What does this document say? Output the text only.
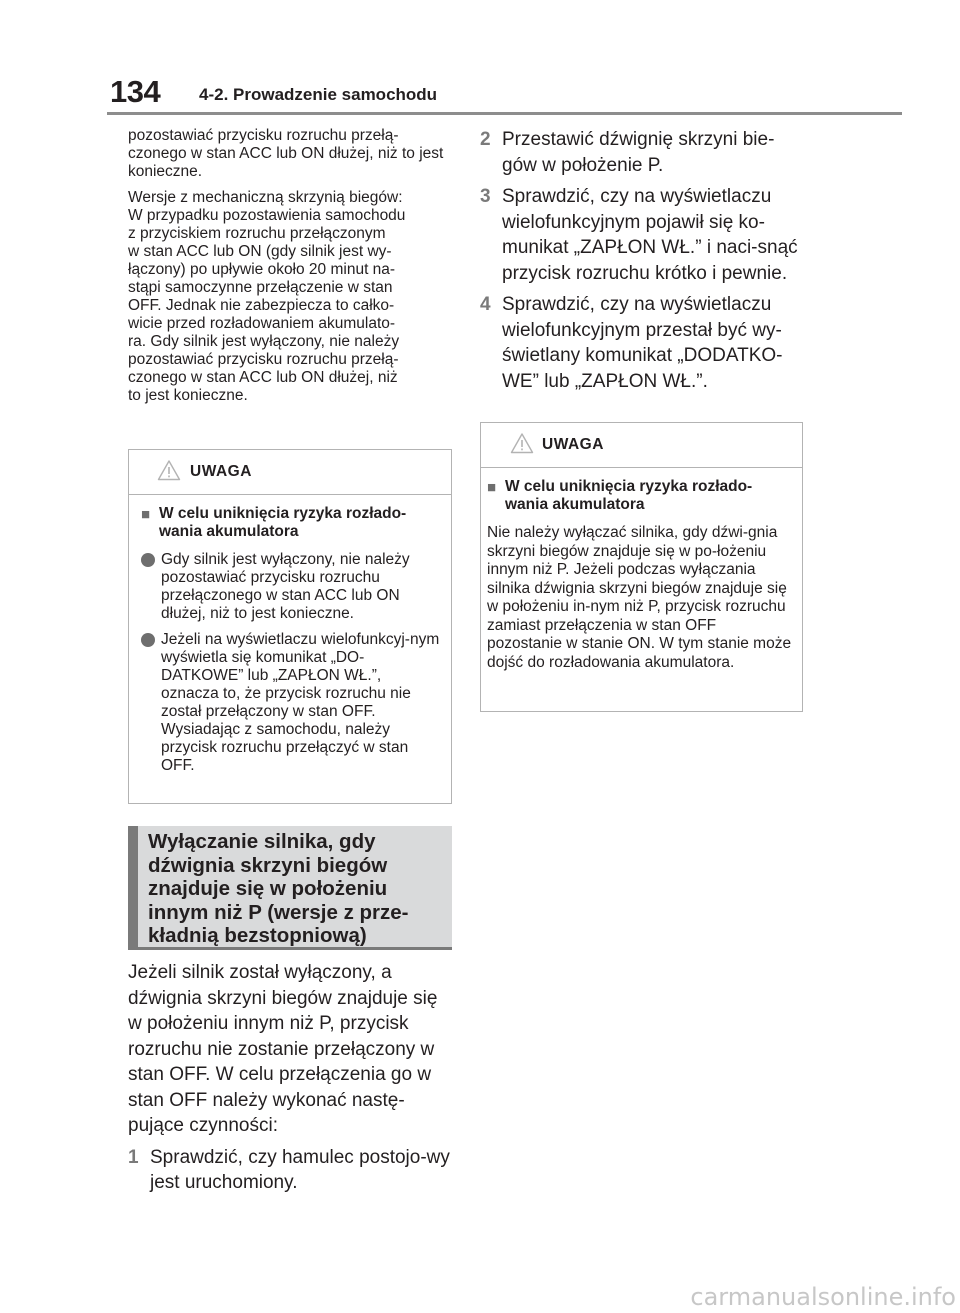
134 4-2. Prowadzenie samochodu

pozostawiać przycisku rozruchu przełą-czonego w stan ACC lub ON dłużej, niż to jest konieczne.

Wersje z mechaniczną skrzynią biegów:
W przypadku pozostawienia samochodu
z przyciskiem rozruchu przełączonym
w stan ACC lub ON (gdy silnik jest wy-
łączony) po upływie około 20 minut na-
stąpi samoczynne przełączenie w stan
OFF. Jednak nie zabezpiecza to całko-
wicie przed rozładowaniem akumulato-
ra. Gdy silnik jest wyłączony, nie należy
pozostawiać przycisku rozruchu przełą-
czonego w stan ACC lub ON dłużej, niż
to jest konieczne.
UWAGA
■ W celu uniknięcia ryzyka rozłado-wania akumulatora
Gdy silnik jest wyłączony, nie należy pozostawiać przycisku rozruchu przełączonego w stan ACC lub ON dłużej, niż to jest konieczne.
Jeżeli na wyświetlaczu wielofunkcyj-nym wyświetla się komunikat „DO-DATKOWE” lub „ZAPŁON WŁ.”, oznacza to, że przycisk rozruchu nie został przełączony w stan OFF. Wysiadając z samochodu, należy przycisk rozruchu przełączyć w stan OFF.
Wyłączanie silnika, gdy dźwignia skrzyni biegów znajduje się w położeniu innym niż P (wersje z prze-kładnią bezstopniową)
Jeżeli silnik został wyłączony, a dźwignia skrzyni biegów znajduje się w położeniu innym niż P, przycisk rozruchu nie zostanie przełączony w stan OFF. W celu przełączenia go w stan OFF należy wykonać nastę-pujące czynności:
1 Sprawdzić, czy hamulec postojo-wy jest uruchomiony.
2 Przestawić dźwignię skrzyni bie-gów w położenie P.
3 Sprawdzić, czy na wyświetlaczu wielofunkcyjnym pojawił się ko-munikat „ZAPŁON WŁ.” i naci-snąć przycisk rozruchu krótko i pewnie.
4 Sprawdzić, czy na wyświetlaczu wielofunkcyjnym przestał być wy-świetlany komunikat „DODATKO-WE” lub „ZAPŁON WŁ.”.
UWAGA
■ W celu uniknięcia ryzyka rozłado-wania akumulatora
Nie należy wyłączać silnika, gdy dźwi-gnia skrzyni biegów znajduje się w po-łożeniu innym niż P. Jeżeli podczas wyłączania silnika dźwignia skrzyni biegów znajduje się w położeniu in-nym niż P, przycisk rozruchu zamiast przełączenia w stan OFF pozostanie w stanie ON. W tym stanie może dojść do rozładowania akumulatora.
carmanualsonline.info
